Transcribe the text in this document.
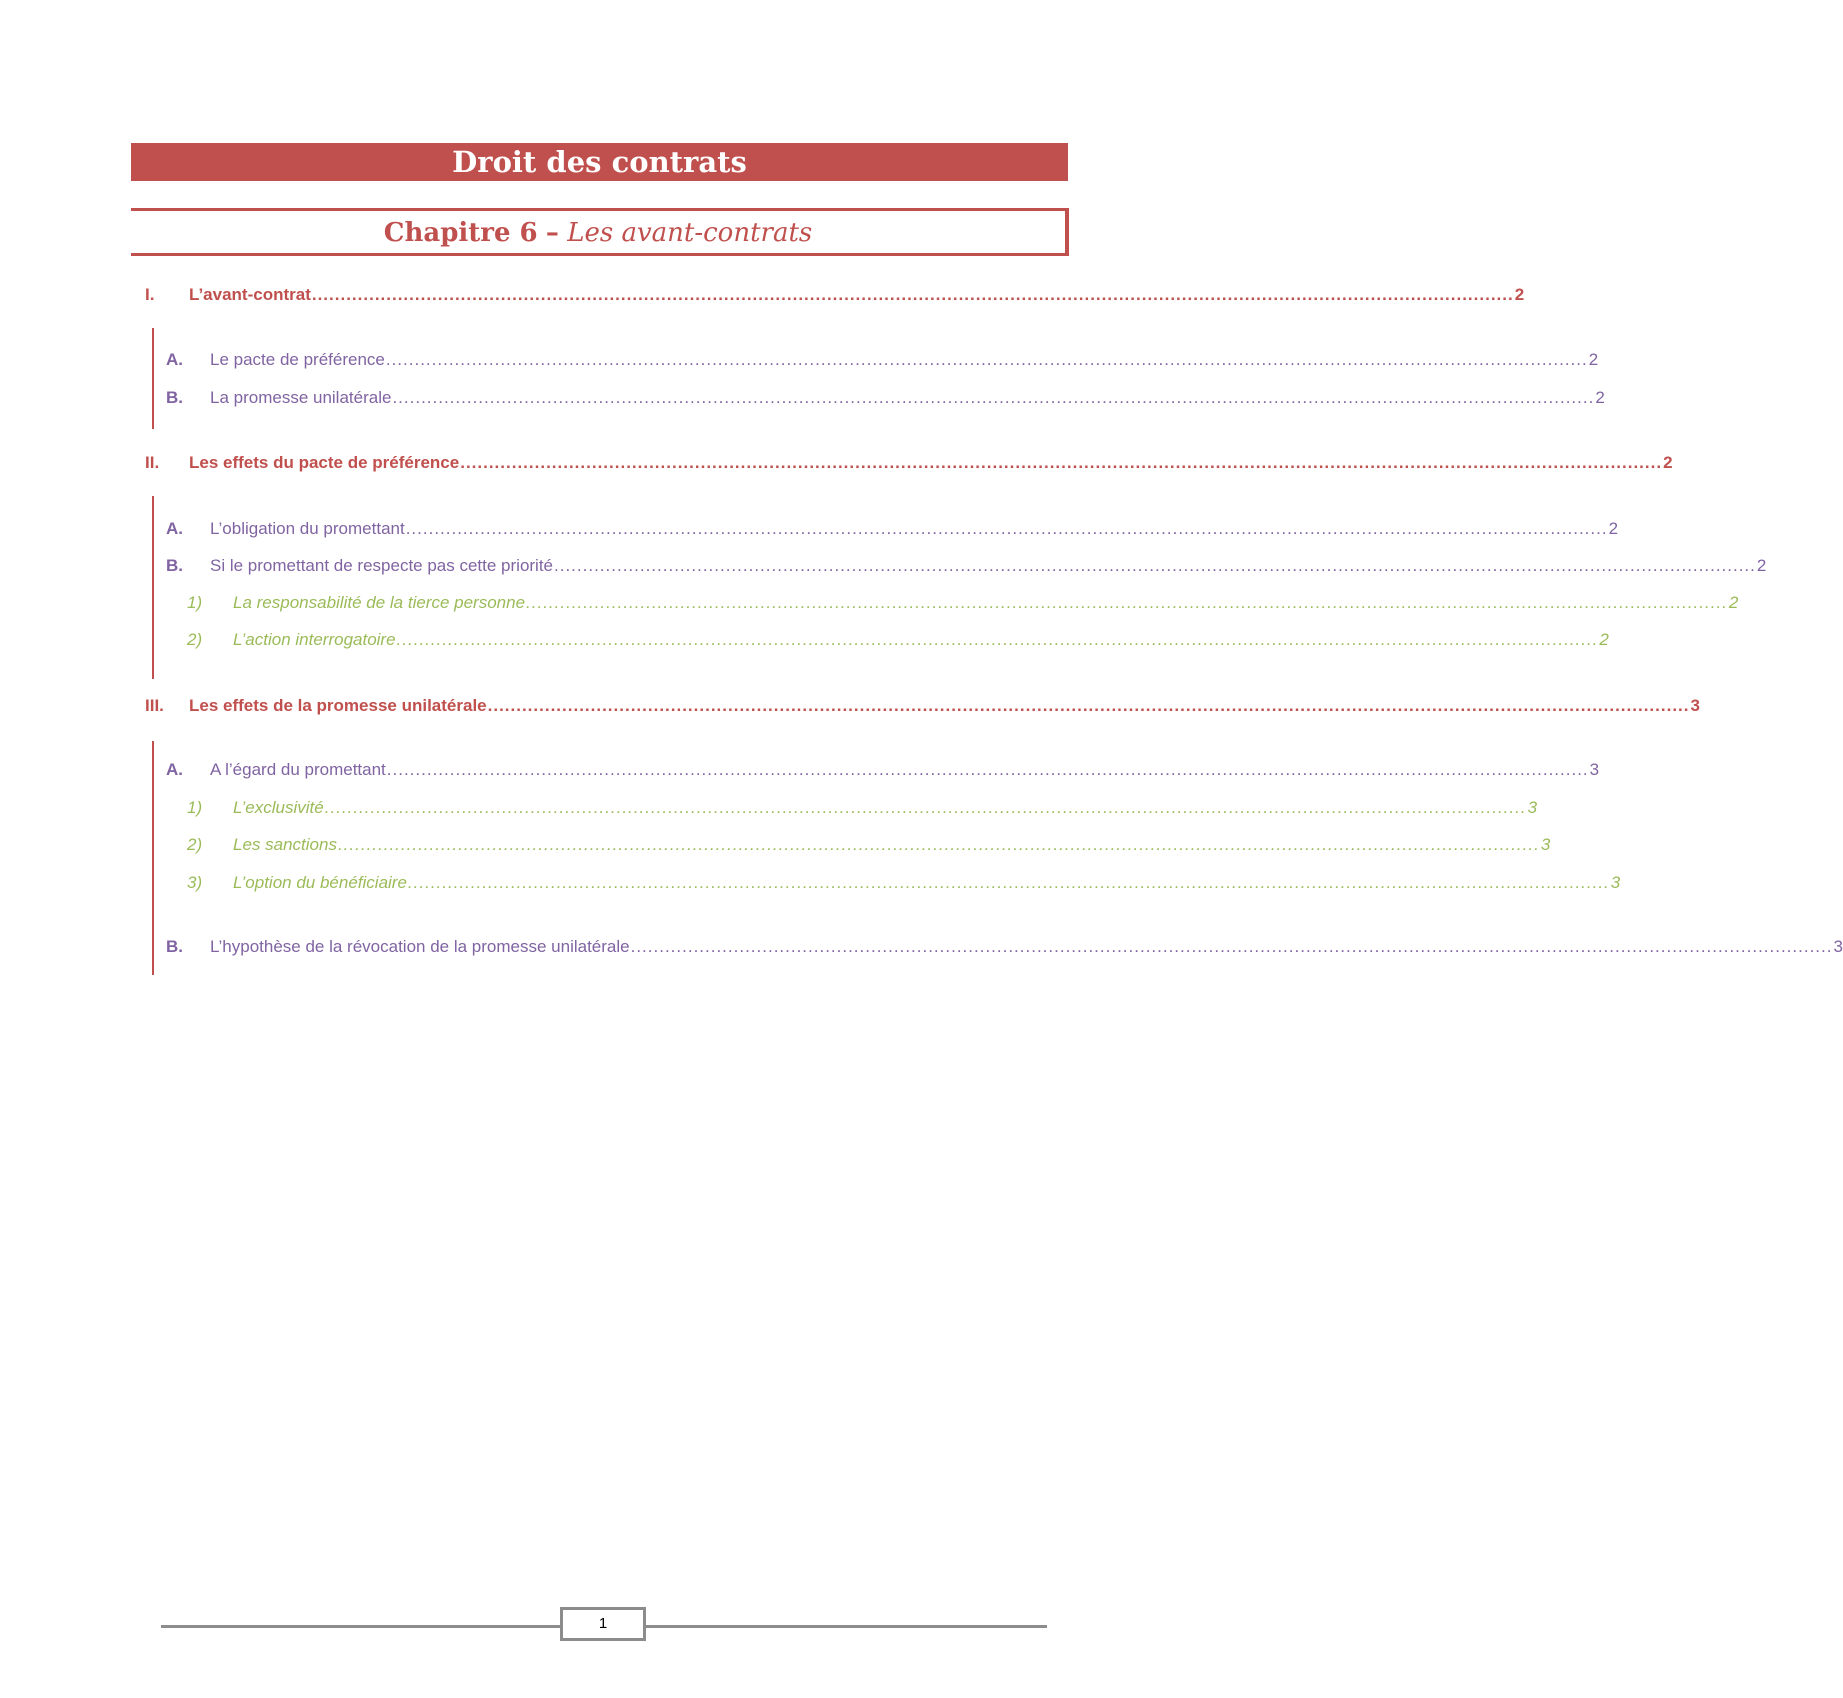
Droit des contrats
Chapitre 6 – Les avant-contrats
I.	L’avant-contrat .................................................................................................................................................................................................................. 2
A.	Le pacte de préférence .................................................................................................................................................................................................................. 2
B.	La promesse unilatérale .................................................................................................................................................................................................................. 2
II.	Les effets du pacte de préférence .................................................................................................................................................................................................................. 2
A.	L’obligation du promettant .................................................................................................................................................................................................................. 2
B.	Si le promettant de respecte pas cette priorité .................................................................................................................................................................................................................. 2
1)	La responsabilité de la tierce personne .................................................................................................................................................................................................................. 2
2)	L’action interrogatoire .................................................................................................................................................................................................................. 2
III.	Les effets de la promesse unilatérale .................................................................................................................................................................................................................. 3
A.	A l’égard du promettant .................................................................................................................................................................................................................. 3
1)	L’exclusivité .................................................................................................................................................................................................................. 3
2)	Les sanctions .................................................................................................................................................................................................................. 3
3)	L’option du bénéficiaire .................................................................................................................................................................................................................. 3
B.	L’hypothèse de la révocation de la promesse unilatérale .................................................................................................................................................................................................................. 3
1
